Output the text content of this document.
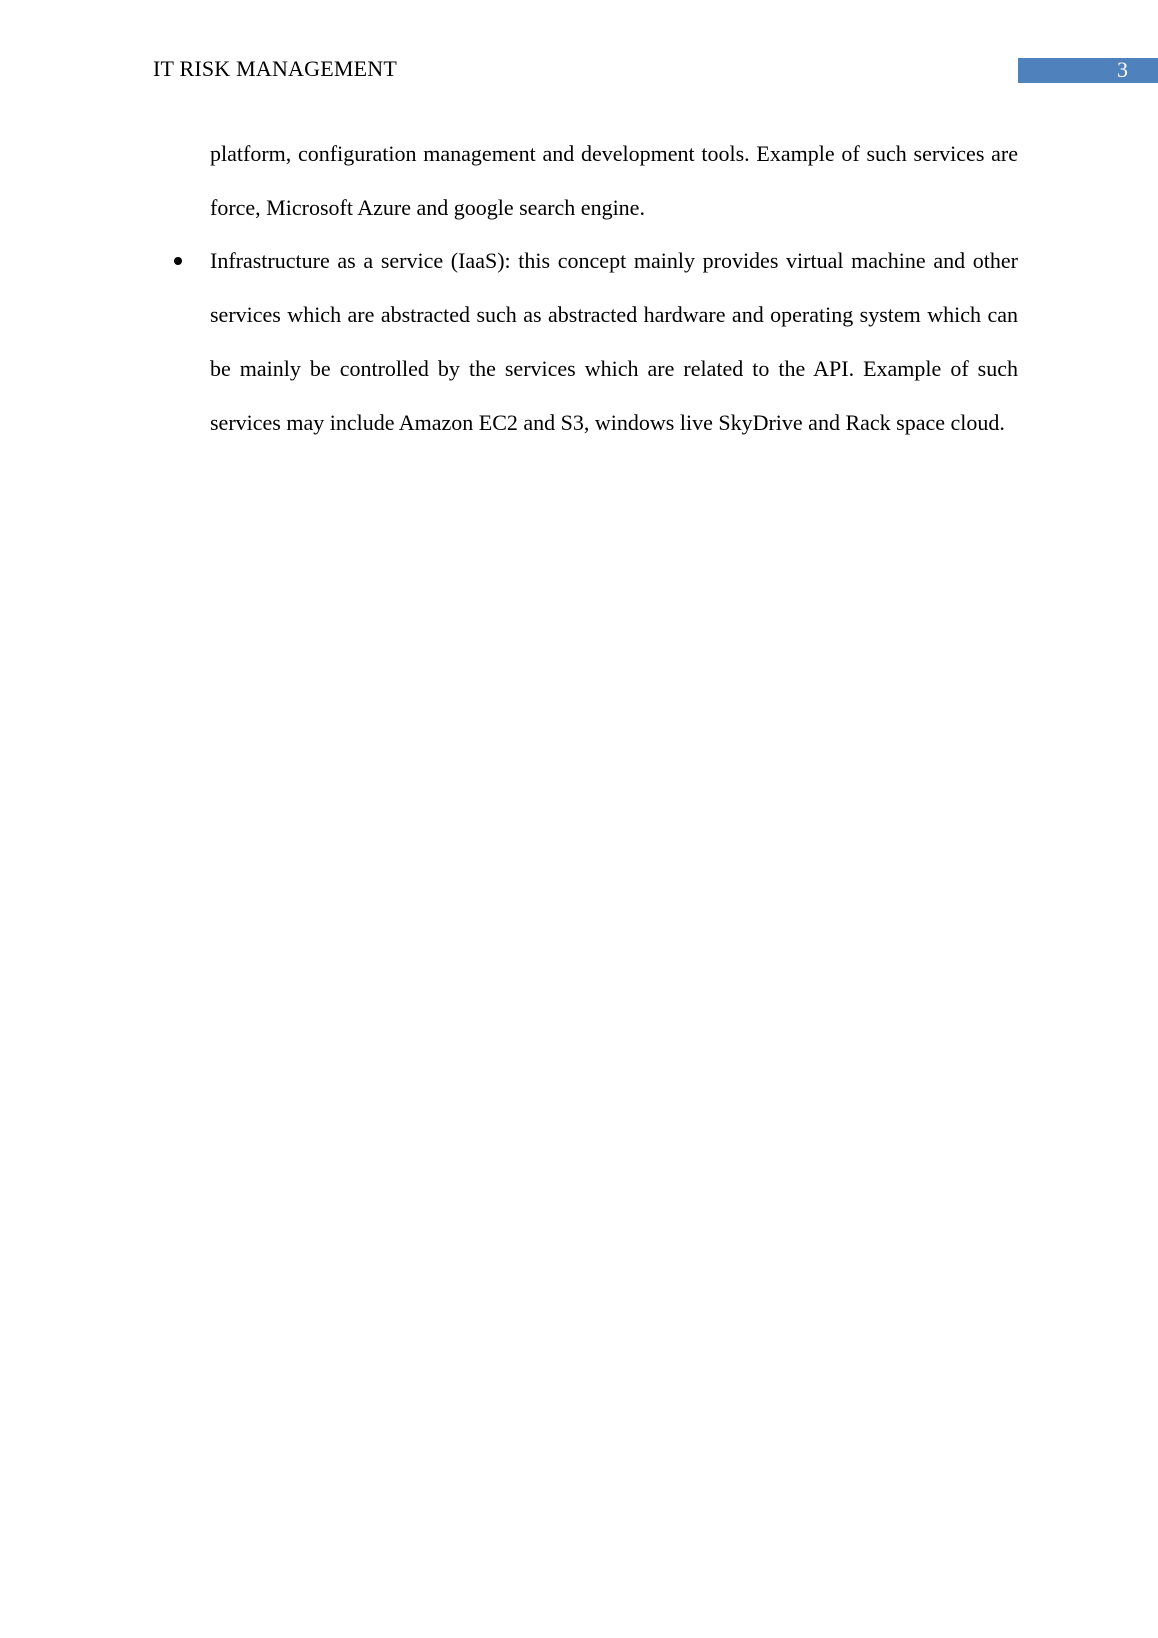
IT RISK MANAGEMENT	3

platform, configuration management and development tools. Example of such services are force, Microsoft Azure and google search engine.

Infrastructure as a service (IaaS): this concept mainly provides virtual machine and other services which are abstracted such as abstracted hardware and operating system which can be mainly be controlled by the services which are related to the API. Example of such services may include Amazon EC2 and S3, windows live SkyDrive and Rack space cloud.
